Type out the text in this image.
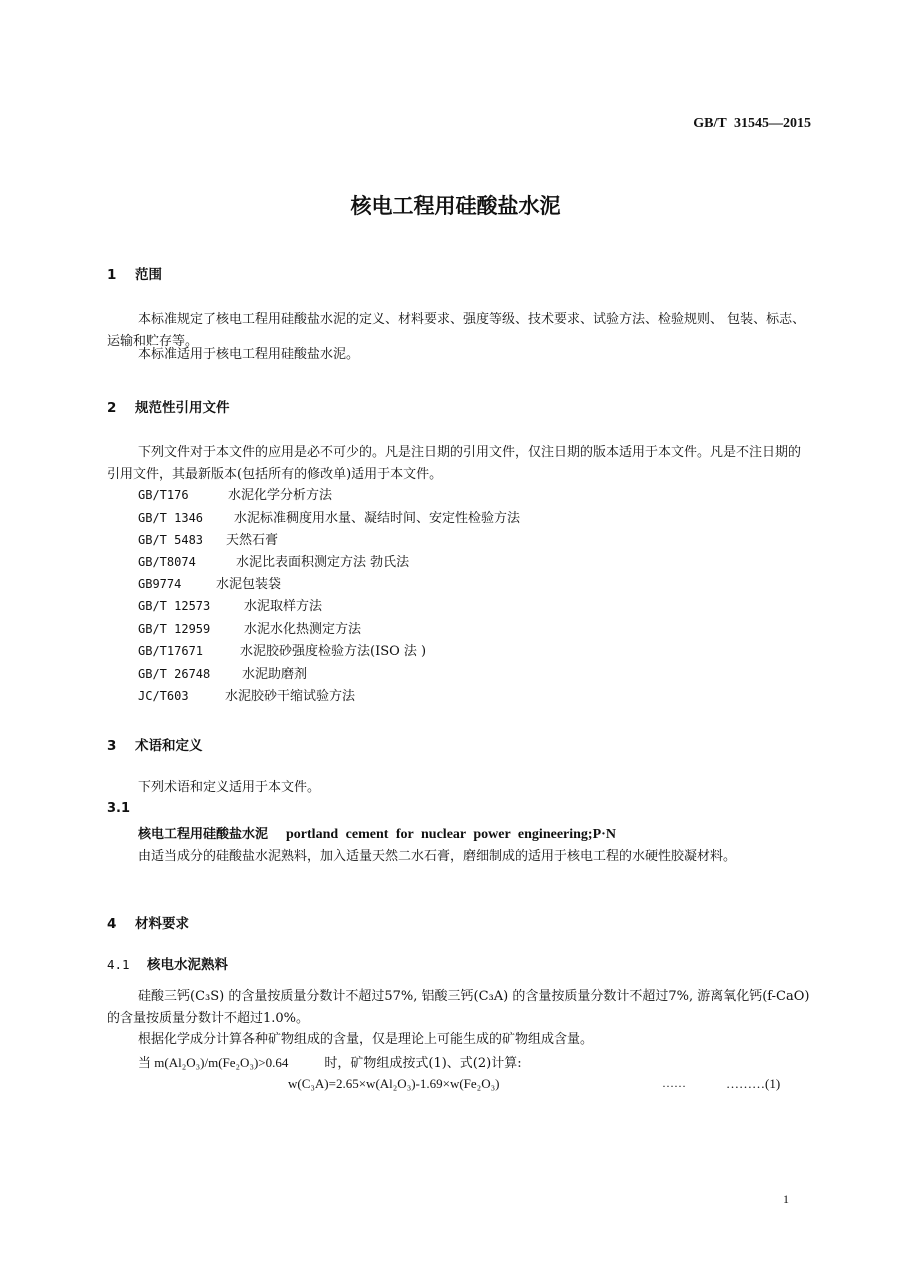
GB/T 31545—2015
核电工程用硅酸盐水泥
1 范围
本标准规定了核电工程用硅酸盐水泥的定义、材料要求、强度等级、技术要求、试验方法、检验规则、 包装、标志、运输和贮存等。
本标准适用于核电工程用硅酸盐水泥。
2 规范性引用文件
下列文件对于本文件的应用是必不可少的。凡是注日期的引用文件，仅注日期的版本适用于本文件。凡是不注日期的引用文件，其最新版本(包括所有的修改单)适用于本文件。
GB/T176	水泥化学分析方法
GB/T 1346 水泥标准稠度用水量、凝结时间、安定性检验方法
GB/T 5483 天然石膏
GB/T8074	水泥比表面积测定方法 勃氏法
GB9774	水泥包装袋
GB/T 12573	水泥取样方法
GB/T 12959	水泥水化热测定方法
GB/T17671	水泥胶砂强度检验方法(ISO 法 )
GB/T 26748 水泥助磨剂
JC/T603	水泥胶砂干缩试验方法
3 术语和定义
下列术语和定义适用于本文件。
3.1
核电工程用硅酸盐水泥 portland cement for nuclear power engineering;P·N
由适当成分的硅酸盐水泥熟料，加入适量天然二水石膏，磨细制成的适用于核电工程的水硬性胶凝材料。
4 材料要求
4.1 核电水泥熟料
硅酸三钙(C₃S) 的含量按质量分数计不超过57%, 铝酸三钙(C₃A) 的含量按质量分数计不超过7%, 游离氧化钙(f-CaO) 的含量按质量分数计不超过1.0%。
根据化学成分计算各种矿物组成的含量，仅是理论上可能生成的矿物组成含量。
当 m(Al₂O₃)/m(Fe₂O₃)>0.64	时，矿物组成按式(1)、式(2)计算:
w(C₃A)=2.65×w(Al₂O₃)-1.69×w(Fe₂O₃)	……	………(1)
1
